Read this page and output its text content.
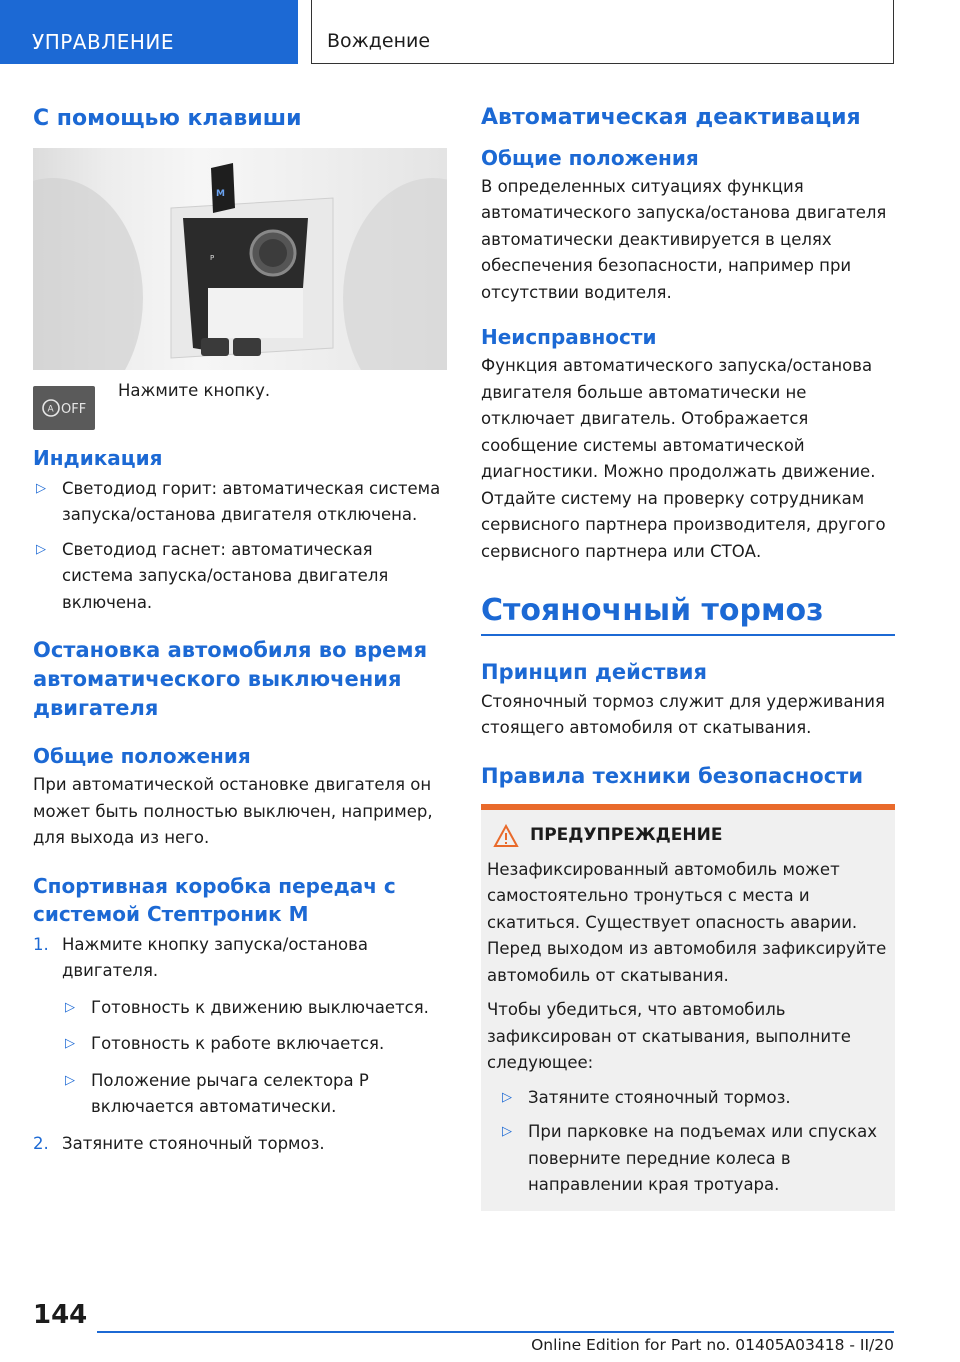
УПРАВЛЕНИЕ	Вождение
С помощью клавиши
M
P
A OFF

Нажмите кнопку.

Индикация
▷ Светодиод горит: автоматическая система запуска/останова двигателя отключена.
▷ Светодиод гаснет: автоматическая система запуска/останова двигателя включена.
Остановка автомобиля во время автоматического выключения двигателя
Общие положения

При автоматической остановке двигателя он может быть полностью выключен, например, для выхода из него.

Спортивная коробка передач с системой Стептроник M
1. Нажмите кнопку запуска/останова двигателя.
▷ Готовность к движению выключается.
▷ Готовность к работе включается.
▷ Положение рычага селектора P включается автоматически.
2. Затяните стояночный тормоз.
Автоматическая деактивация
Общие положения

В определенных ситуациях функция автоматического запуска/останова двигателя автоматически деактивируется в целях обеспечения безопасности, например при отсутствии водителя.

Неисправности

Функция автоматического запуска/останова двигателя больше автоматически не отключает двигатель. Отображается сообщение системы автоматической диагностики. Можно продолжать движение. Отдайте систему на проверку сотрудникам сервисного партнера производителя, другого сервисного партнера или СТОА.

Стояночный тормоз
Принцип действия

Стояночный тормоз служит для удерживания стоящего автомобиля от скатывания.

Правила техники безопасности
ПРЕДУПРЕЖДЕНИЕ

Незафиксированный автомобиль может самостоятельно тронуться с места и скатиться. Существует опасность аварии. Перед выходом из автомобиля зафиксируйте автомобиль от скатывания.

Чтобы убедиться, что автомобиль зафиксирован от скатывания, выполните следующее:

▷ Затяните стояночный тормоз.
▷ При парковке на подъемах или спусках поверните передние колеса в направлении края тротуара.
144
Online Edition for Part no. 01405A03418 - II/20
